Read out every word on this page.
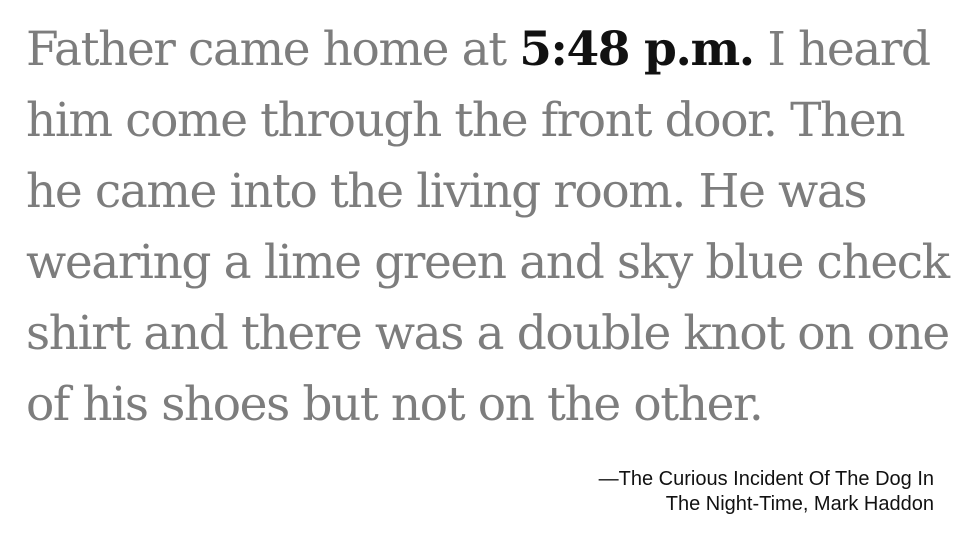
Father came home at 5:48 p.m. I heard
him come through the front door. Then
he came into the living room. He was
wearing a lime green and sky blue check
shirt and there was a double knot on one
of his shoes but not on the other.
—The Curious Incident Of The Dog In
The Night-Time, Mark Haddon
